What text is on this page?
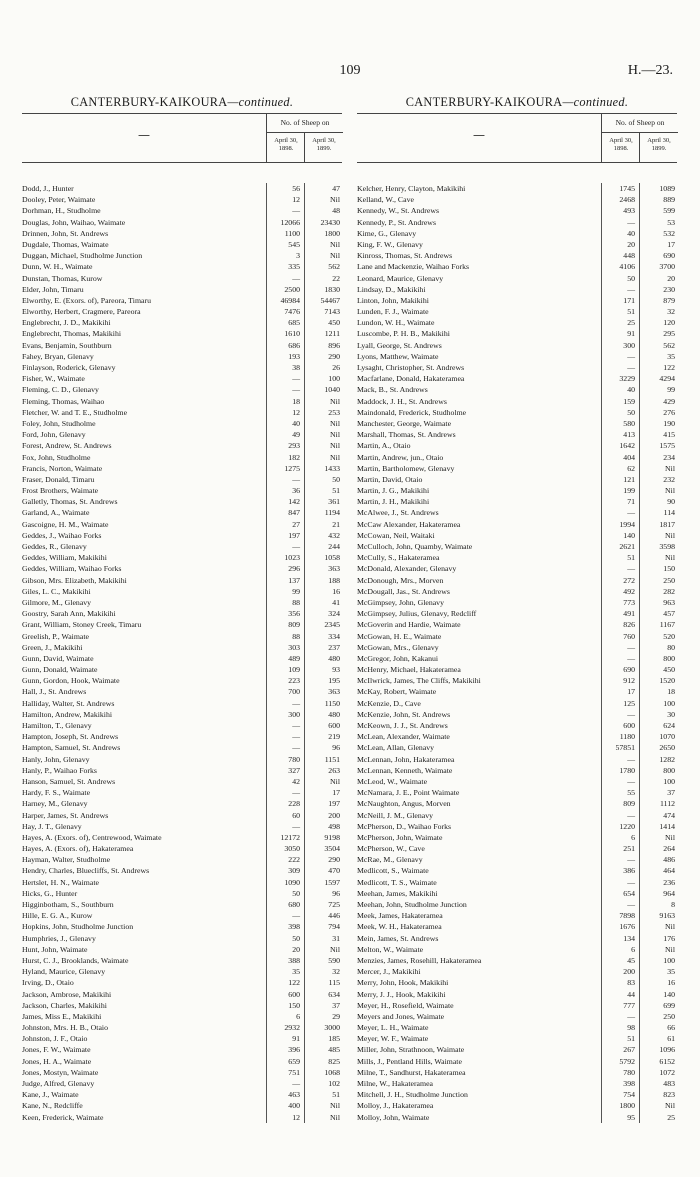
109	H.—23.
CANTERBURY-KAIKOURA—continued.
—
No. of Sheep on
April 30, 1898.
April 30, 1899.
Dodd, J., Hunter	56	47
Dooley, Peter, Waimate	12	Nil
Dorhman, H., Studholme	—	48
Douglas, John, Waihao, Waimate	12066	23430
Drinnen, John, St. Andrews	1100	1800
Dugdale, Thomas, Waimate	545	Nil
Duggan, Michael, Studholme Junction	3	Nil
Dunn, W. H., Waimate	335	562
Dunstan, Thomas, Kurow	—	22
Elder, John, Timaru	2500	1830
Elworthy, E. (Exors. of), Pareora, Timaru	46984	54467
Elworthy, Herbert, Cragmere, Pareora	7476	7143
Englebrecht, J. D., Makikihi	685	450
Englebrecht, Thomas, Makikihi	1610	1211
Evans, Benjamin, Southburn	686	896
Fahey, Bryan, Glenavy	193	290
Finlayson, Roderick, Glenavy	38	26
Fisher, W., Waimate	—	100
Fleming, C. D., Glenavy	—	1040
Fleming, Thomas, Waihao	18	Nil
Fletcher, W. and T. E., Studholme	12	253
Foley, John, Studholme	40	Nil
Ford, John, Glenavy	49	Nil
Forest, Andrew, St. Andrews	293	Nil
Fox, John, Studholme	182	Nil
Francis, Norton, Waimate	1275	1433
Fraser, Donald, Timaru	—	50
Frost Brothers, Waimate	36	51
Galletly, Thomas, St. Andrews	142	361
Garland, A., Waimate	847	1194
Gascoigne, H. M., Waimate	27	21
Geddes, J., Waihao Forks	197	432
Geddes, R., Glenavy	—	244
Geddes, William, Makikihi	1023	1058
Geddes, William, Waihao Forks	296	363
Gibson, Mrs. Elizabeth, Makikihi	137	188
Giles, L. C., Makikihi	99	16
Gilmore, M., Glenavy	88	41
Goostry, Sarah Ann, Makikihi	356	324
Grant, William, Stoney Creek, Timaru	809	2345
Greelish, P., Waimate	88	334
Green, J., Makikihi	303	237
Gunn, David, Waimate	489	480
Gunn, Donald, Waimate	109	93
Gunn, Gordon, Hook, Waimate	223	195
Hall, J., St. Andrews	700	363
Halliday, Walter, St. Andrews	—	1150
Hamilton, Andrew, Makikihi	300	480
Hamilton, T., Glenavy	—	600
Hampton, Joseph, St. Andrews	—	219
Hampton, Samuel, St. Andrews	—	96
Hanly, John, Glenavy	780	1151
Hanly, P., Waihao Forks	327	263
Hanson, Samuel, St. Andrews	42	Nil
Hardy, F. S., Waimate	—	17
Harney, M., Glenavy	228	197
Harper, James, St. Andrews	60	200
Hay, J. T., Glenavy	—	498
Hayes, A. (Exors. of), Centrewood, Waimate	12172	9198
Hayes, A. (Exors. of), Hakateramea	3050	3504
Hayman, Walter, Studholme	222	290
Hendry, Charles, Bluecliffs, St. Andrews	309	470
Hertslet, H. N., Waimate	1090	1597
Hicks, G., Hunter	50	96
Higginbotham, S., Southburn	680	725
Hille, E. G. A., Kurow	—	446
Hopkins, John, Studholme Junction	398	794
Humphries, J., Glenavy	50	31
Hunt, John, Waimate	20	Nil
Hurst, C. J., Brooklands, Waimate	388	590
Hyland, Maurice, Glenavy	35	32
Irving, D., Otaio	122	115
Jackson, Ambrose, Makikihi	600	634
Jackson, Charles, Makikihi	150	37
James, Miss E., Makikihi	6	29
Johnston, Mrs. H. B., Otaio	2932	3000
Johnston, J. F., Otaio	91	185
Jones, F. W., Waimate	396	485
Jones, H. A., Waimate	659	825
Jones, Mostyn, Waimate	751	1068
Judge, Alfred, Glenavy	—	102
Kane, J., Waimate	463	51
Kane, N., Redcliffe	400	Nil
Keen, Frederick, Waimate	12	Nil
CANTERBURY-KAIKOURA—continued.
—
No. of Sheep on
April 30, 1898.
April 30, 1899.
Kelcher, Henry, Clayton, Makikihi	1745	1089
Kelland, W., Cave	2468	889
Kennedy, W., St. Andrews	493	599
Kennedy, P., St. Andrews	—	53
Kime, G., Glenavy	40	532
King, F. W., Glenavy	20	17
Kinross, Thomas, St. Andrews	448	690
Lane and Mackenzie, Waihao Forks	4106	3700
Leonard, Maurice, Glenavy	50	20
Lindsay, D., Makikihi	—	230
Linton, John, Makikihi	171	879
Lunden, F. J., Waimate	51	32
Lundon, W. H., Waimate	25	120
Luscombe, P. H. B., Makikihi	91	295
Lyall, George, St. Andrews	300	562
Lyons, Matthew, Waimate	—	35
Lysaght, Christopher, St. Andrews	—	122
Macfarlane, Donald, Hakateramea	3229	4294
Mack, B., St. Andrews	40	99
Maddock, J. H., St. Andrews	159	429
Maindonald, Frederick, Studholme	50	276
Manchester, George, Waimate	580	190
Marshall, Thomas, St. Andrews	413	415
Martin, A., Otaio	1642	1575
Martin, Andrew, jun., Otaio	404	234
Martin, Bartholomew, Glenavy	62	Nil
Martin, David, Otaio	121	232
Martin, J. G., Makikihi	199	Nil
Martin, J. H., Makikihi	71	90
McAlwee, J., St. Andrews	—	114
McCaw Alexander, Hakateramea	1994	1817
McCowan, Neil, Waitaki	140	Nil
McCulloch, John, Quamby, Waimate	2621	3598
McCully, S., Hakateramea	51	Nil
McDonald, Alexander, Glenavy	—	150
McDonough, Mrs., Morven	272	250
McDougall, Jas., St. Andrews	492	282
McGimpsey, John, Glenavy	773	963
McGimpsey, Julius, Glenavy, Redcliff	491	457
McGoverin and Hardie, Waimate	826	1167
McGowan, H. E., Waimate	760	520
McGowan, Mrs., Glenavy	—	80
McGregor, John, Kakanui	—	800
McHenry, Michael, Hakateramea	690	450
McIlwrick, James, The Cliffs, Makikihi	912	1520
McKay, Robert, Waimate	17	18
McKenzie, D., Cave	125	100
McKenzie, John, St. Andrews	—	30
McKeown, J. J., St. Andrews	600	624
McLean, Alexander, Waimate	1180	1070
McLean, Allan, Glenavy	57851	2650
McLennan, John, Hakateramea	—	1282
McLennan, Kenneth, Waimate	1780	800
McLeod, W., Waimate	—	100
McNamara, J. E., Point Waimate	55	37
McNaughton, Angus, Morven	809	1112
McNeill, J. M., Glenavy	—	474
McPherson, D., Waihao Forks	1220	1414
McPherson, John, Waimate	6	Nil
McPherson, W., Cave	251	264
McRae, M., Glenavy	—	486
Medlicott, S., Waimate	386	464
Medlicott, T. S., Waimate	—	236
Meehan, James, Makikihi	654	964
Meehan, John, Studholme Junction	—	8
Meek, James, Hakateramea	7898	9163
Meek, W. H., Hakateramea	1676	Nil
Mein, James, St. Andrews	134	176
Melton, W., Waimate	6	Nil
Menzies, James, Rosehill, Hakateramea	45	100
Mercer, J., Makikihi	200	35
Merry, John, Hook, Makikihi	83	16
Merry, J. J., Hook, Makikihi	44	140
Meyer, H., Rosefield, Waimate	777	699
Meyers and Jones, Waimate	—	250
Meyer, L. H., Waimate	98	66
Meyer, W. F., Waimate	51	61
Miller, John, Strathnoon, Waimate	267	1096
Mills, J., Pentland Hills, Waimate	5792	6152
Milne, T., Sandhurst, Hakateramea	780	1072
Milne, W., Hakateramea	398	483
Mitchell, J. H., Studholme Junction	754	823
Molloy, J., Hakateramea	1800	Nil
Molloy, John, Waimate	95	25
